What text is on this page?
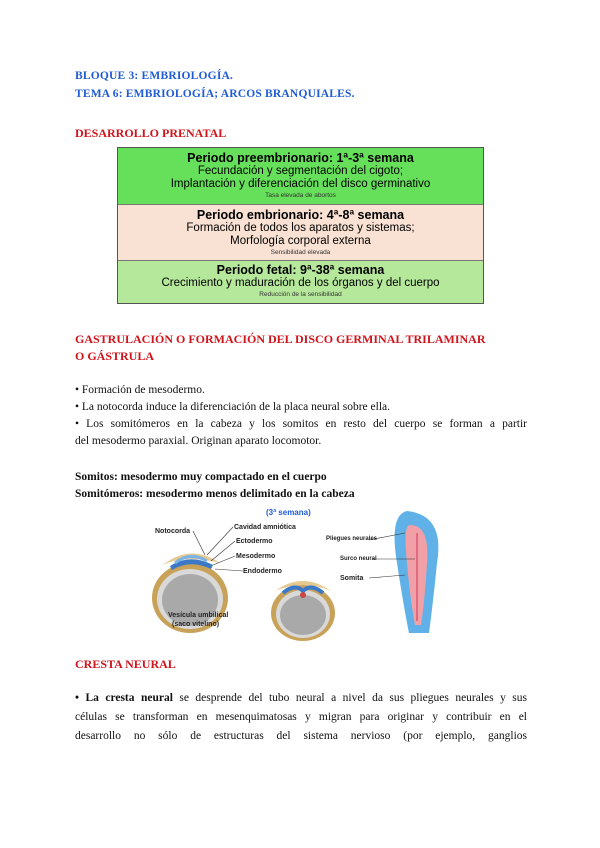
BLOQUE 3: EMBRIOLOGÍA.
TEMA 6: EMBRIOLOGÍA; ARCOS BRANQUIALES.
DESARROLLO PRENATAL
Periodo preembrionario: 1ª-3ª semana
Fecundación y segmentación del cigoto;
Implantación y diferenciación del disco germinativo
Tasa elevada de abortos
Periodo embrionario: 4ª-8ª semana
Formación de todos los aparatos y sistemas;
Morfología corporal externa
Sensibilidad elevada
Periodo fetal: 9ª-38ª semana
Crecimiento y maduración de los órganos y del cuerpo
Reducción de la sensibilidad
GASTRULACIÓN O FORMACIÓN DEL DISCO GERMINAL TRILAMINAR
O GÁSTRULA
• Formación de mesodermo.
• La notocorda induce la diferenciación de la placa neural sobre ella.
• Los somitómeros en la cabeza y los somitos en resto del cuerpo se forman a partir
del mesodermo paraxial. Originan aparato locomotor.
Somitos: mesodermo muy compactado en el cuerpo
Somitómeros: mesodermo menos delimitado en la cabeza
(3ª semana)
Notocorda
Cavidad amniótica
Ectodermo
Mesodermo
Endodermo
Vesícula umbilical
(saco vitelino)
Pliegues neurales
Surco neural
Somita
CRESTA NEURAL
• La cresta neural se desprende del tubo neural a nivel da sus pliegues neurales y sus
células se transforman en mesenquimatosas y migran para originar y contribuir en el
desarrollo no sólo de estructuras del sistema nervioso (por ejemplo, ganglios
